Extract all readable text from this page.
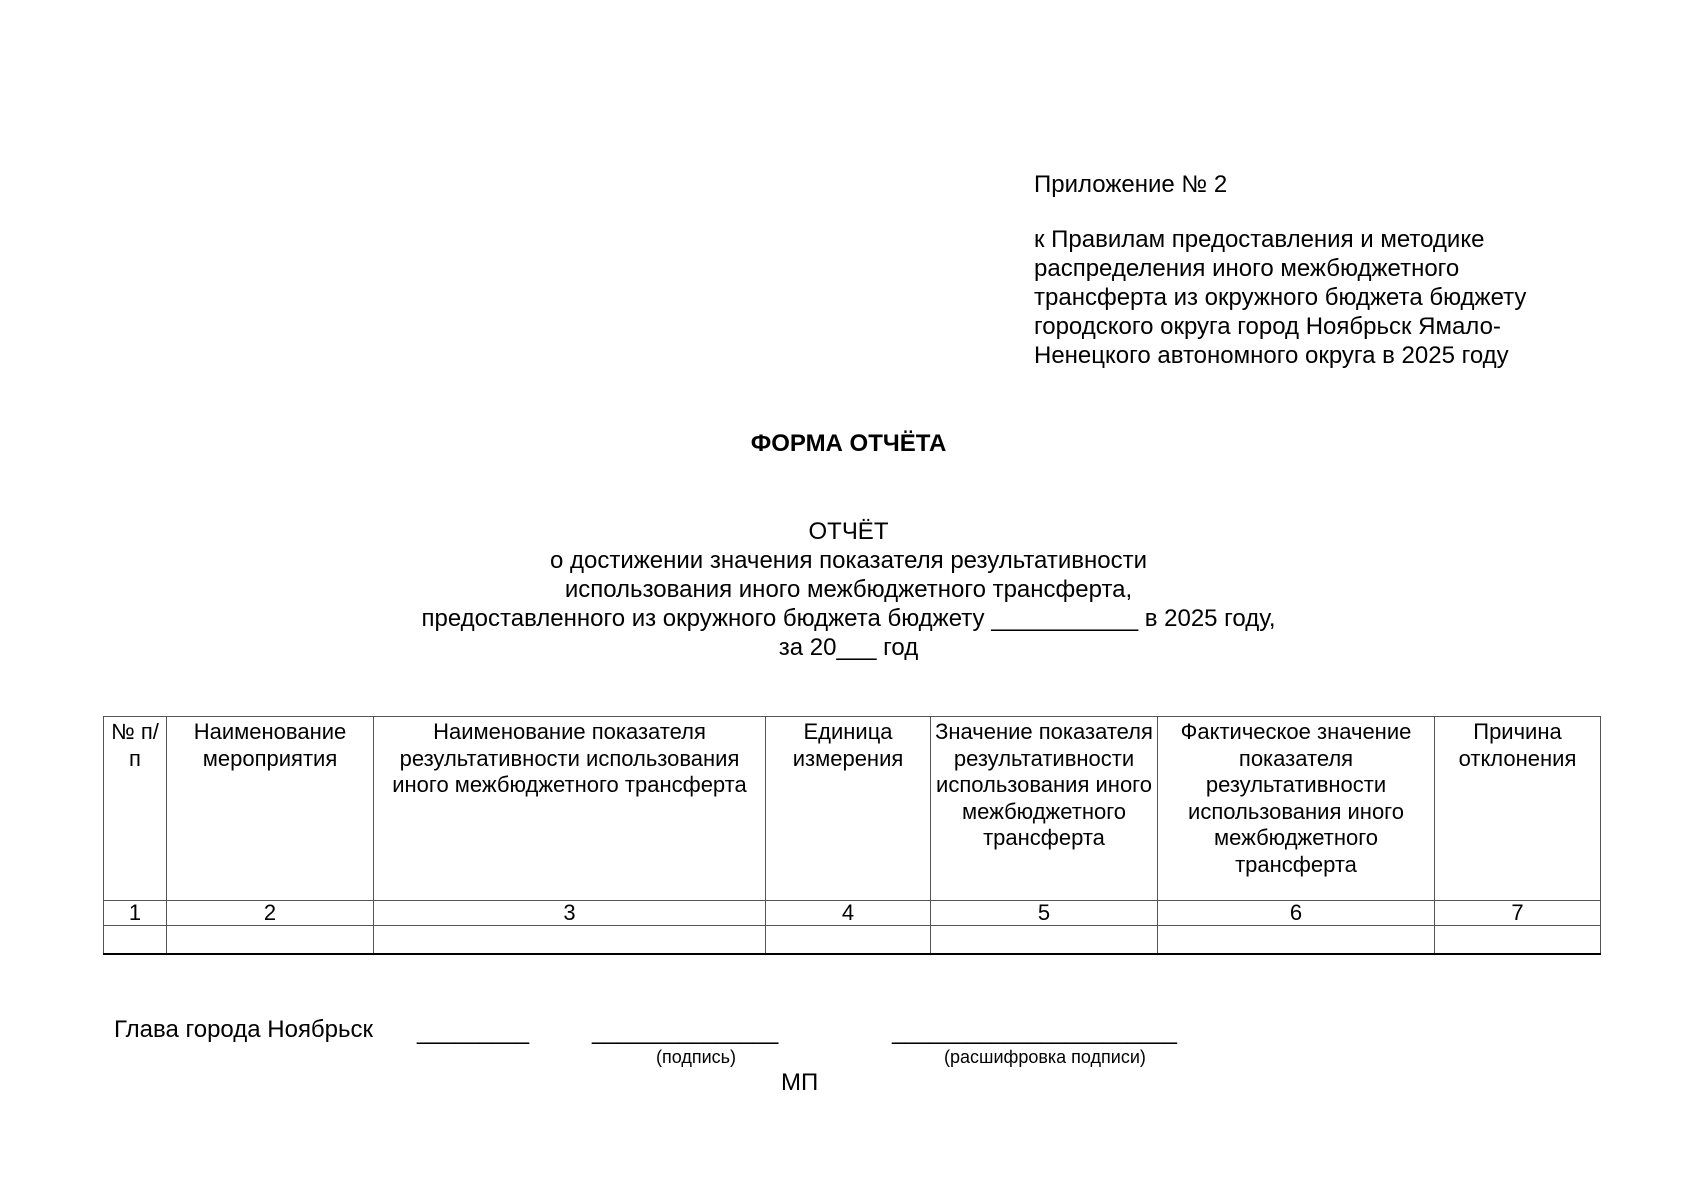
Приложение № 2
к Правилам предоставления и методике
распределения иного межбюджетного
трансферта из окружного бюджета бюджету
городского округа город Ноябрьск Ямало-
Ненецкого автономного округа в 2025 году
ФОРМА ОТЧЁТА
ОТЧЁТ
о достижении значения показателя результативности
использования иного межбюджетного трансферта,
предоставленного из окружного бюджета бюджету ___________ в 2025 году,
за 20___ год
№ п/п	Наименование мероприятия	Наименование показателя результативности использования иного межбюджетного трансферта	Единица измерения	Значение показателя результативности использования иного межбюджетного трансферта	Фактическое значение показателя результативности использования иного межбюджетного трансферта	Причина отклонения
1	2	3	4	5	6	7

Глава города Ноябрьск _________	_______________	_______________________
(подпись)	(расшифровка подписи)
МП
